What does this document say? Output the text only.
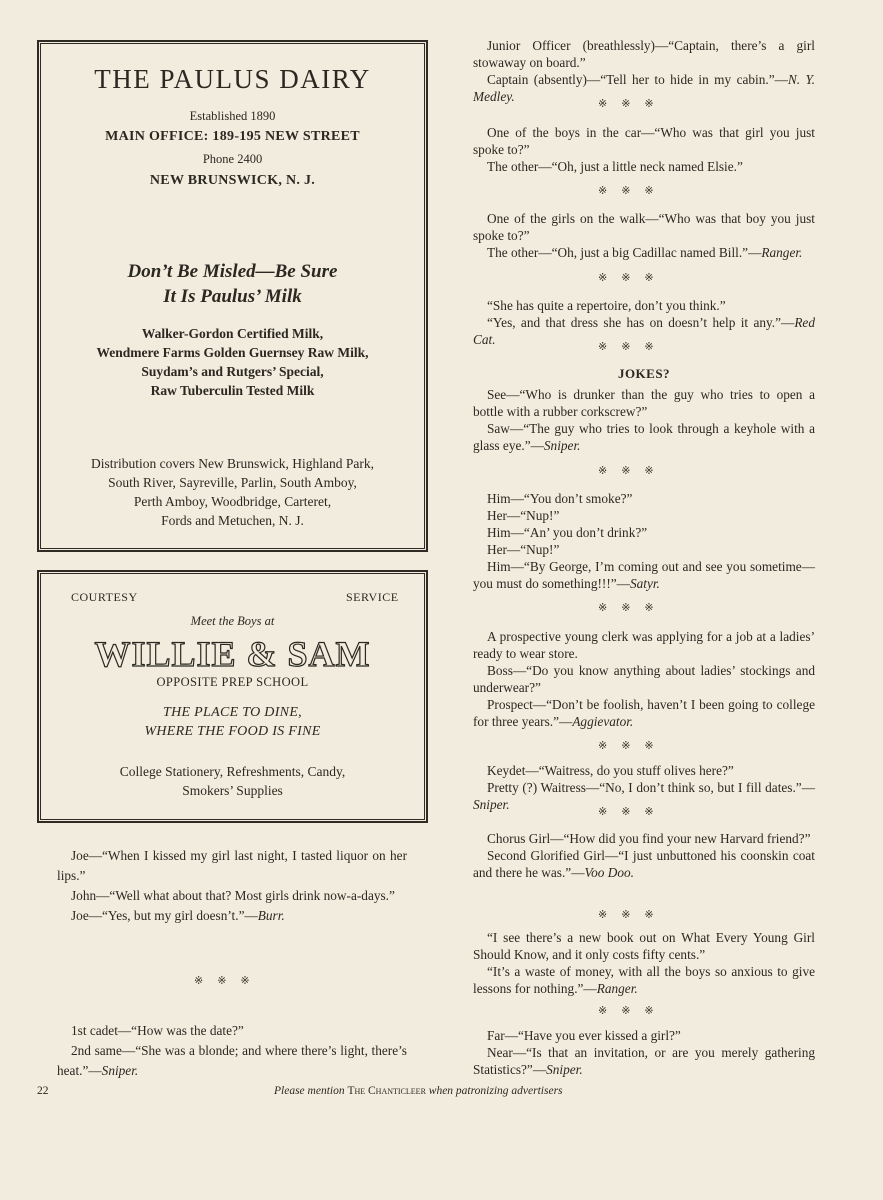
THE PAULUS DAIRY
Established 1890
MAIN OFFICE: 189-195 NEW STREET
Phone 2400
NEW BRUNSWICK, N. J.
Don’t Be Misled—Be Sure
It Is Paulus’ Milk
Walker-Gordon Certified Milk,
Wendmere Farms Golden Guernsey Raw Milk,
Suydam’s and Rutgers’ Special,
Raw Tuberculin Tested Milk
Distribution covers New Brunswick, Highland Park,
South River, Sayreville, Parlin, South Amboy,
Perth Amboy, Woodbridge, Carteret,
Fords and Metuchen, N. J.
COURTESY	SERVICE
Meet the Boys at
WILLIE & SAM
OPPOSITE PREP SCHOOL
THE PLACE TO DINE,
WHERE THE FOOD IS FINE
College Stationery, Refreshments, Candy,
Smokers’ Supplies

Joe—“When I kissed my girl last night, I tasted liquor on her lips.”

John—“Well what about that? Most girls drink now-a-days.”

Joe—“Yes, but my girl doesn’t.”—Burr.

※※※

1st cadet—“How was the date?”

2nd same—“She was a blonde; and where there’s light, there’s heat.”—Sniper.

Junior Officer (breathlessly)—“Captain, there’s a girl stowaway on board.”

Captain (absently)—“Tell her to hide in my cabin.”—N. Y. Medley.	※※※

One of the boys in the car—“Who was that girl you just spoke to?”

The other—“Oh, just a little neck named Elsie.”

※※※

One of the girls on the walk—“Who was that boy you just spoke to?”

The other—“Oh, just a big Cadillac named Bill.”—Ranger.

※※※

“She has quite a repertoire, don’t you think.”

“Yes, and that dress she has on doesn’t help it any.”—Red Cat.	※※※
JOKES?

See—“Who is drunker than the guy who tries to open a bottle with a rubber corkscrew?”

Saw—“The guy who tries to look through a keyhole with a glass eye.”—Sniper.

※※※

Him—“You don’t smoke?”

Her—“Nup!”

Him—“An’ you don’t drink?”

Her—“Nup!”

Him—“By George, I’m coming out and see you sometime—you must do something!!!”—Satyr.

※※※

A prospective young clerk was applying for a job at a ladies’ ready to wear store.

Boss—“Do you know anything about ladies’ stockings and underwear?”

Prospect—“Don’t be foolish, haven’t I been going to college for three years.”—Aggievator.

※※※

Keydet—“Waitress, do you stuff olives here?”

Pretty (?) Waitress—“No, I don’t think so, but I fill dates.”—Sniper.	※※※

Chorus Girl—“How did you find your new Harvard friend?”

Second Glorified Girl—“I just unbuttoned his coonskin coat and there he was.”—Voo Doo.

※※※

“I see there’s a new book out on What Every Young Girl Should Know, and it only costs fifty cents.”

“It’s a waste of money, with all the boys so anxious to give lessons for nothing.”—Ranger.

※※※

Far—“Have you ever kissed a girl?”

Near—“Is that an invitation, or are you merely gathering Statistics?”—Sniper.

22	Please mention The Chanticleer when patronizing advertisers
